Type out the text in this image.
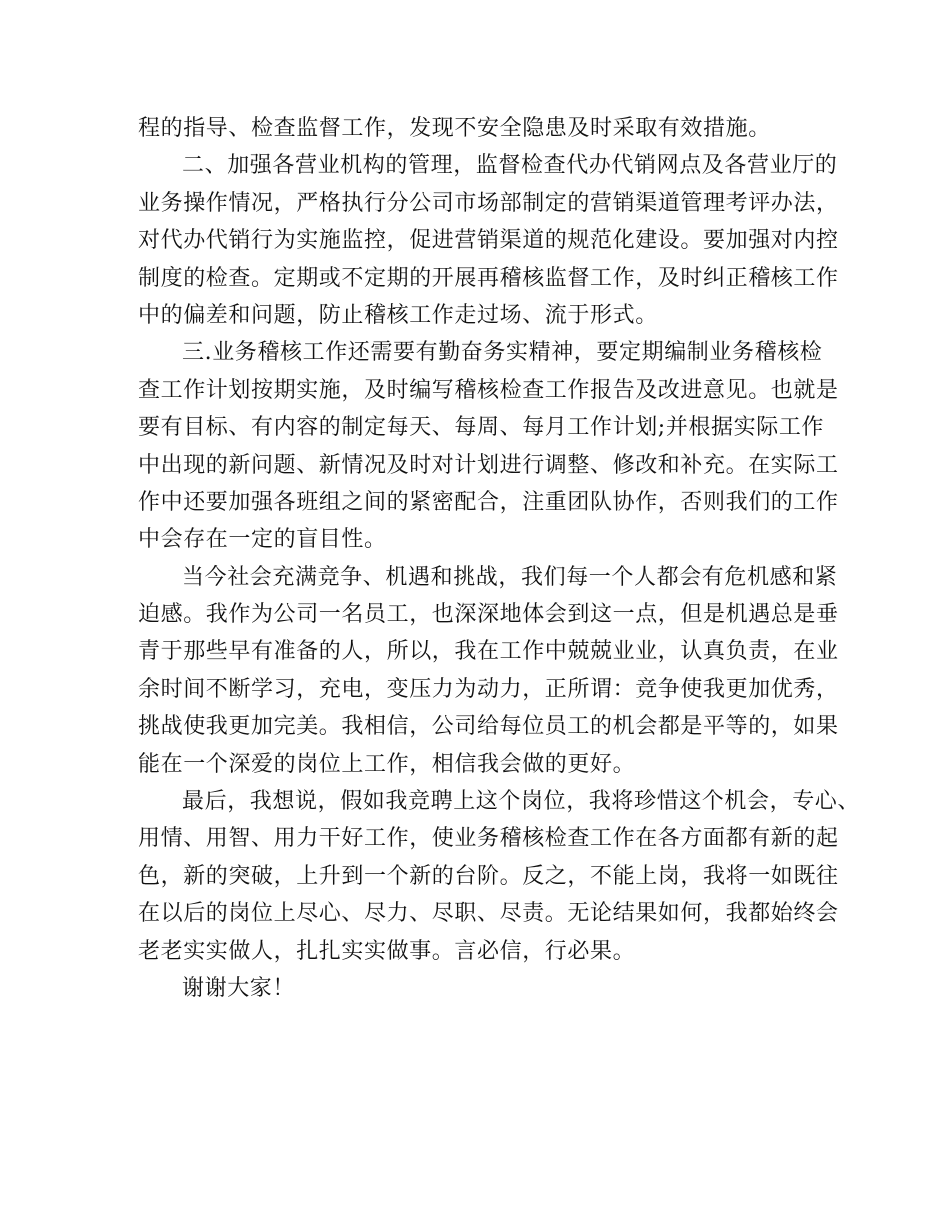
程的指导、检查监督工作，发现不安全隐患及时采取有效措施。
二、加强各营业机构的管理，监督检查代办代销网点及各营业厅的
业务操作情况，严格执行分公司市场部制定的营销渠道管理考评办法，
对代办代销行为实施监控，促进营销渠道的规范化建设。要加强对内控
制度的检查。定期或不定期的开展再稽核监督工作，及时纠正稽核工作
中的偏差和问题，防止稽核工作走过场、流于形式。
三.业务稽核工作还需要有勤奋务实精神，要定期编制业务稽核检
查工作计划按期实施，及时编写稽核检查工作报告及改进意见。也就是
要有目标、有内容的制定每天、每周、每月工作计划;并根据实际工作
中出现的新问题、新情况及时对计划进行调整、修改和补充。在实际工
作中还要加强各班组之间的紧密配合，注重团队协作，否则我们的工作
中会存在一定的盲目性。
当今社会充满竞争、机遇和挑战，我们每一个人都会有危机感和紧
迫感。我作为公司一名员工，也深深地体会到这一点，但是机遇总是垂
青于那些早有准备的人，所以，我在工作中兢兢业业，认真负责，在业
余时间不断学习，充电，变压力为动力，正所谓：竞争使我更加优秀，
挑战使我更加完美。我相信，公司给每位员工的机会都是平等的，如果
能在一个深爱的岗位上工作，相信我会做的更好。
最后，我想说，假如我竞聘上这个岗位，我将珍惜这个机会，专心、
用情、用智、用力干好工作，使业务稽核检查工作在各方面都有新的起
色，新的突破，上升到一个新的台阶。反之，不能上岗，我将一如既往
在以后的岗位上尽心、尽力、尽职、尽责。无论结果如何，我都始终会
老老实实做人，扎扎实实做事。言必信，行必果。
谢谢大家！
